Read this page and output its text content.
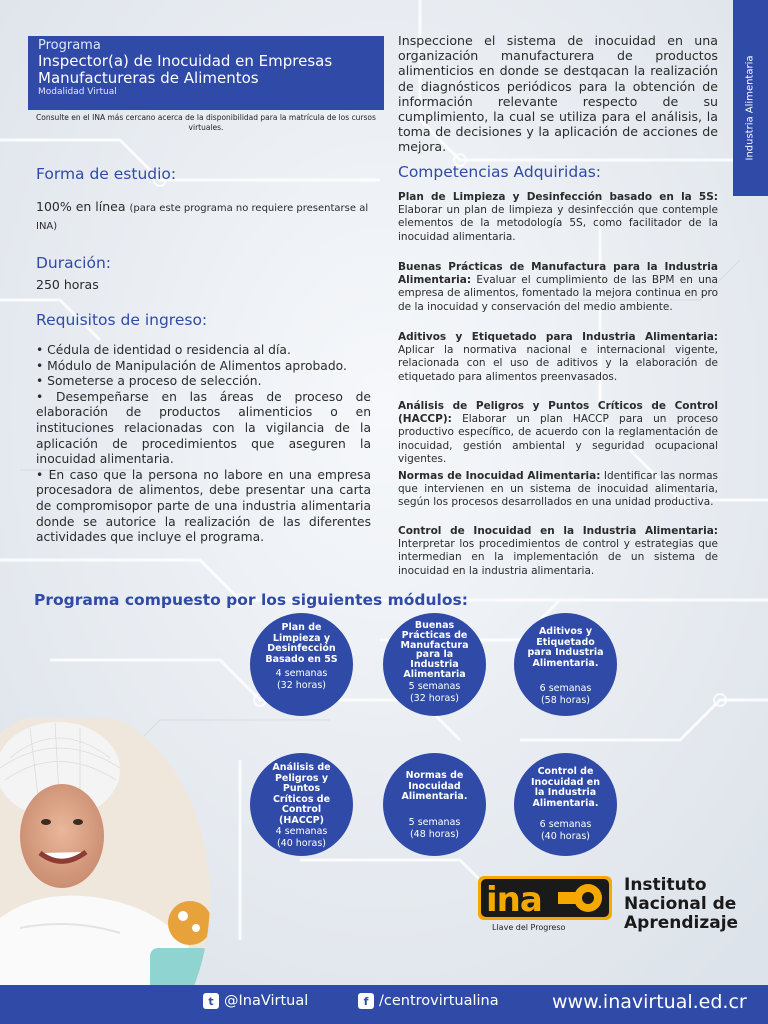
Industria Alimentaria
Programa
Inspector(a) de Inocuidad en Empresas
Manufactureras de Alimentos
Modalidad Virtual
Consulte en el INA más cercano acerca de la disponibilidad para la matrícula de los cursos virtuales.
Inspeccione el sistema de inocuidad en una organización manufacturera de productos alimenticios en donde se destqacan la realización de diagnósticos periódicos para la obtención de información relevante respecto de su cumplimiento, la cual se utiliza para el análisis, la toma de decisiones y la aplicación de acciones de mejora.
Forma de estudio:
100% en línea (para este programa no requiere presentarse al INA)
Duración:
250 horas
Requisitos de ingreso:
• Cédula de identidad o residencia al día.
• Módulo de Manipulación de Alimentos aprobado.
• Someterse a proceso de selección.
• Desempeñarse en las áreas de proceso de elaboración de productos alimenticios o en instituciones relacionadas con la vigilancia de la aplicación de procedimientos que aseguren la inocuidad alimentaria.
• En caso que la persona no labore en una empresa procesadora de alimentos, debe presentar una carta de compromisopor parte de una industria alimentaria donde se autorice la realización de las diferentes actividades que incluye el programa.
Competencias Adquiridas:

Plan de Limpieza y Desinfección basado en la 5S: Elaborar un plan de limpieza y desinfección que contemple elementos de la metodología 5S, como facilitador de la inocuidad alimentaria.

Buenas Prácticas de Manufactura para la Industria Alimentaria: Evaluar el cumplimiento de las BPM en una empresa de alimentos, fomentado la mejora continua en pro de la inocuidad y conservación del medio ambiente.

Aditivos y Etiquetado para Industria Alimentaria: Aplicar la normativa nacional e internacional vigente, relacionada con el uso de aditivos y la elaboración de etiquetado para alimentos preenvasados.

Análisis de Peligros y Puntos Críticos de Control (HACCP): Elaborar un plan HACCP para un proceso productivo específico, de acuerdo con la reglamentación de inocuidad, gestión ambiental y seguridad ocupacional vigentes.

Normas de Inocuidad Alimentaria: Identificar las normas que intervienen en un sistema de inocuidad alimentaria, según los procesos desarrollados en una unidad productiva.

Control de Inocuidad en la Industria Alimentaria: Interpretar los procedimientos de control y estrategias que intermedian en la implementación de un sistema de inocuidad en la industria alimentaria.

Programa compuesto por los siguientes módulos:
Plan de Limpieza y Desinfección Basado en 5S
4 semanas
(32 horas)
Buenas Prácticas de Manufactura para la Industria Alimentaria
5 semanas
(32 horas)
Aditivos y Etiquetado para Industria Alimentaria.
6 semanas
(58 horas)
Análisis de Peligros y Puntos Críticos de Control (HACCP)
4 semanas
(40 horas)
Normas de Inocuidad Alimentaria.
5 semanas
(48 horas)
Control de Inocuidad en la Industria Alimentaria.
6 semanas
(40 horas)
ina
Llave del Progreso
Instituto
Nacional de
Aprendizaje
t @InaVirtual	f /centrovirtualina	www.inavirtual.ed.cr
